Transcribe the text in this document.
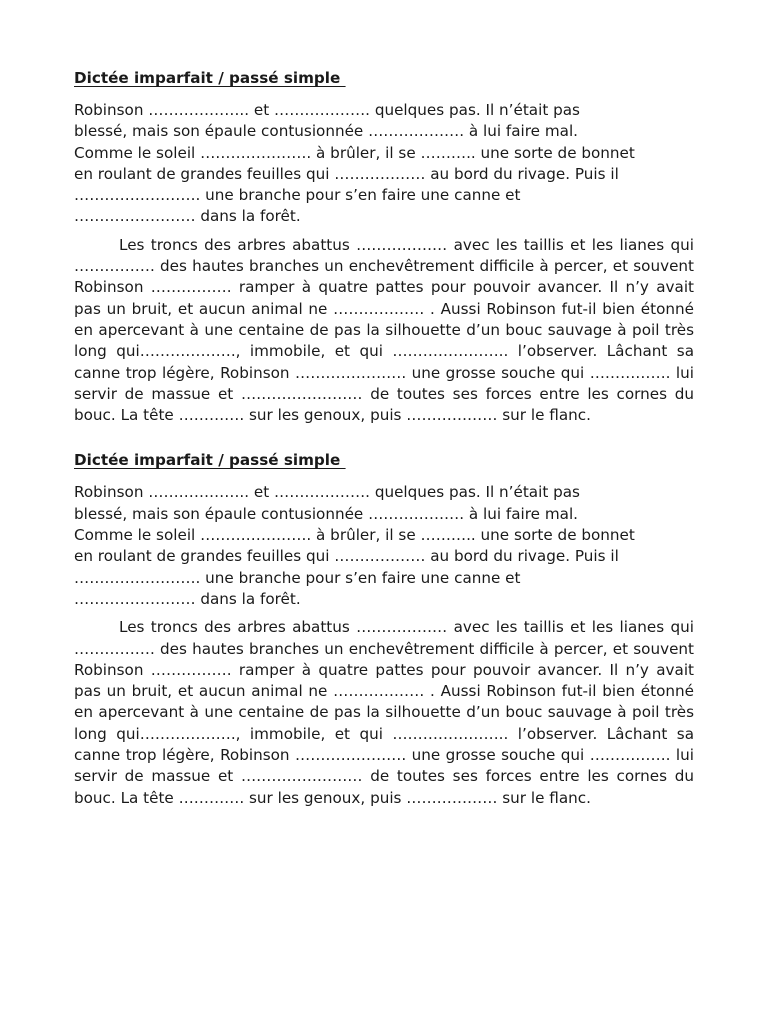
Dictée imparfait / passé simple

Robinson ……………….. et ………………. quelques pas. Il n’était pas
blessé, mais son épaule contusionnée ………………. à lui faire mal.
Comme le soleil …………………. à brûler, il se ……….. une sorte de bonnet
en roulant de grandes feuilles qui ……………… au bord du rivage. Puis il
……………………. une branche pour s’en faire une canne et
…………………… dans la forêt.

Les troncs des arbres abattus ……………… avec les taillis et les lianes qui ……………. des hautes branches un enchevêtrement difficile à percer, et souvent Robinson ……………. ramper à quatre pattes pour pouvoir avancer. Il n’y avait pas un bruit, et aucun animal ne ……………… . Aussi Robinson fut-il bien étonné en apercevant à une centaine de pas la silhouette d’un bouc sauvage à poil très long qui………………., immobile, et qui ………………….. l’observer. Lâchant sa canne trop légère, Robinson …………………. une grosse souche qui ……………. lui servir de massue et …………………… de toutes ses forces entre les cornes du bouc. La tête …………. sur les genoux, puis ……………… sur le flanc.

Dictée imparfait / passé simple

Robinson ……………….. et ………………. quelques pas. Il n’était pas
blessé, mais son épaule contusionnée ………………. à lui faire mal.
Comme le soleil …………………. à brûler, il se ……….. une sorte de bonnet
en roulant de grandes feuilles qui ……………… au bord du rivage. Puis il
……………………. une branche pour s’en faire une canne et
…………………… dans la forêt.

Les troncs des arbres abattus ……………… avec les taillis et les lianes qui ……………. des hautes branches un enchevêtrement difficile à percer, et souvent Robinson ……………. ramper à quatre pattes pour pouvoir avancer. Il n’y avait pas un bruit, et aucun animal ne ……………… . Aussi Robinson fut-il bien étonné en apercevant à une centaine de pas la silhouette d’un bouc sauvage à poil très long qui………………., immobile, et qui ………………….. l’observer. Lâchant sa canne trop légère, Robinson …………………. une grosse souche qui ……………. lui servir de massue et …………………… de toutes ses forces entre les cornes du bouc. La tête …………. sur les genoux, puis ……………… sur le flanc.
